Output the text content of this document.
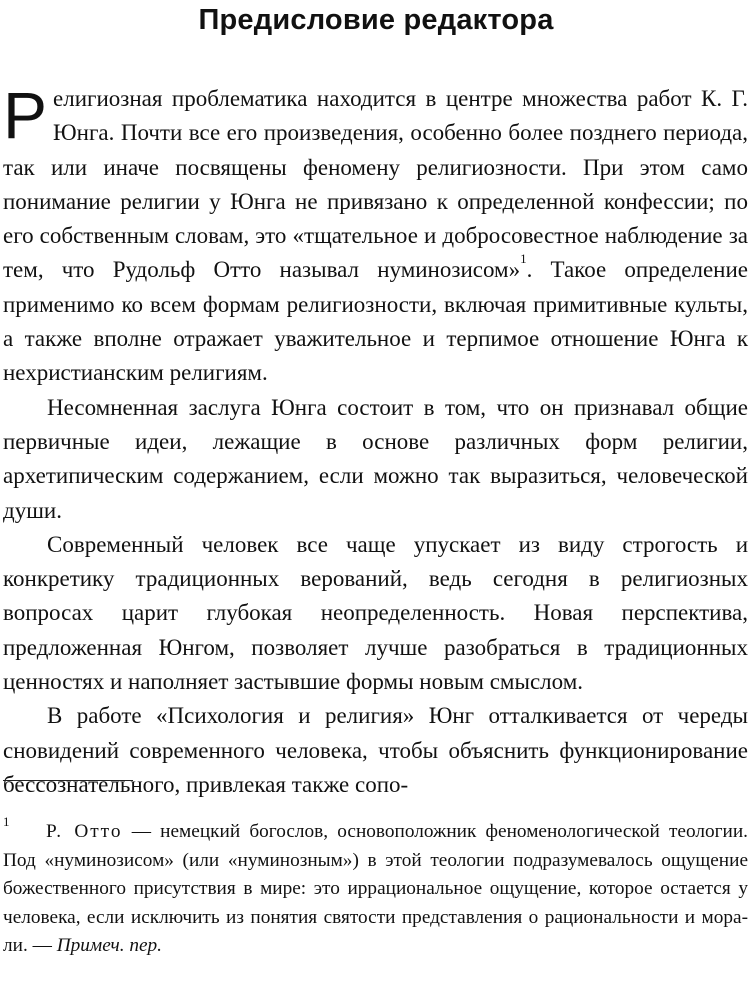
Предисловие редактора

Религиозная проблематика находится в центре множества работ К. Г. Юнга. Почти все его произведения, особенно более позднего периода, так или иначе посвящены феномену религиозности. При этом само понимание религии у Юнга не привязано к определенной конфессии; по его собственным словам, это «тщательное и добросовестное наблюдение за тем, что Рудольф Отто называл нуминозисом»$^1$. Такое определение применимо ко всем формам религиозности, включая примитивные культы, а также вполне отражает уважительное и терпимое отношение Юнга к нехристианским религиям.

Несомненная заслуга Юнга состоит в том, что он признавал общие первичные идеи, лежащие в основе различных форм религии, архетипическим содержанием, если можно так выразиться, человеческой души.

Современный человек все чаще упускает из виду строгость и конкретику традиционных верований, ведь сегодня в религиозных вопросах царит глубокая неопределенность. Новая перспектива, предложенная Юнгом, позволяет лучше разобраться в традиционных ценностях и наполняет застывшие формы новым смыслом.

В работе «Психология и религия» Юнг отталкивается от череды сновидений современного человека, чтобы объяснить функционирование бессознательного, привлекая также сопо-

1	Р. Отто — немецкий богослов, основоположник феноменологической теологии. Под «нуминозисом» (или «нуминозным») в этой теологии подразумевалось ощущение божественного присутствия в мире: это иррациональное ощущение, которое остается у человека, если исключить из понятия святости представления о рациональности и морали. — Примеч. пер.
